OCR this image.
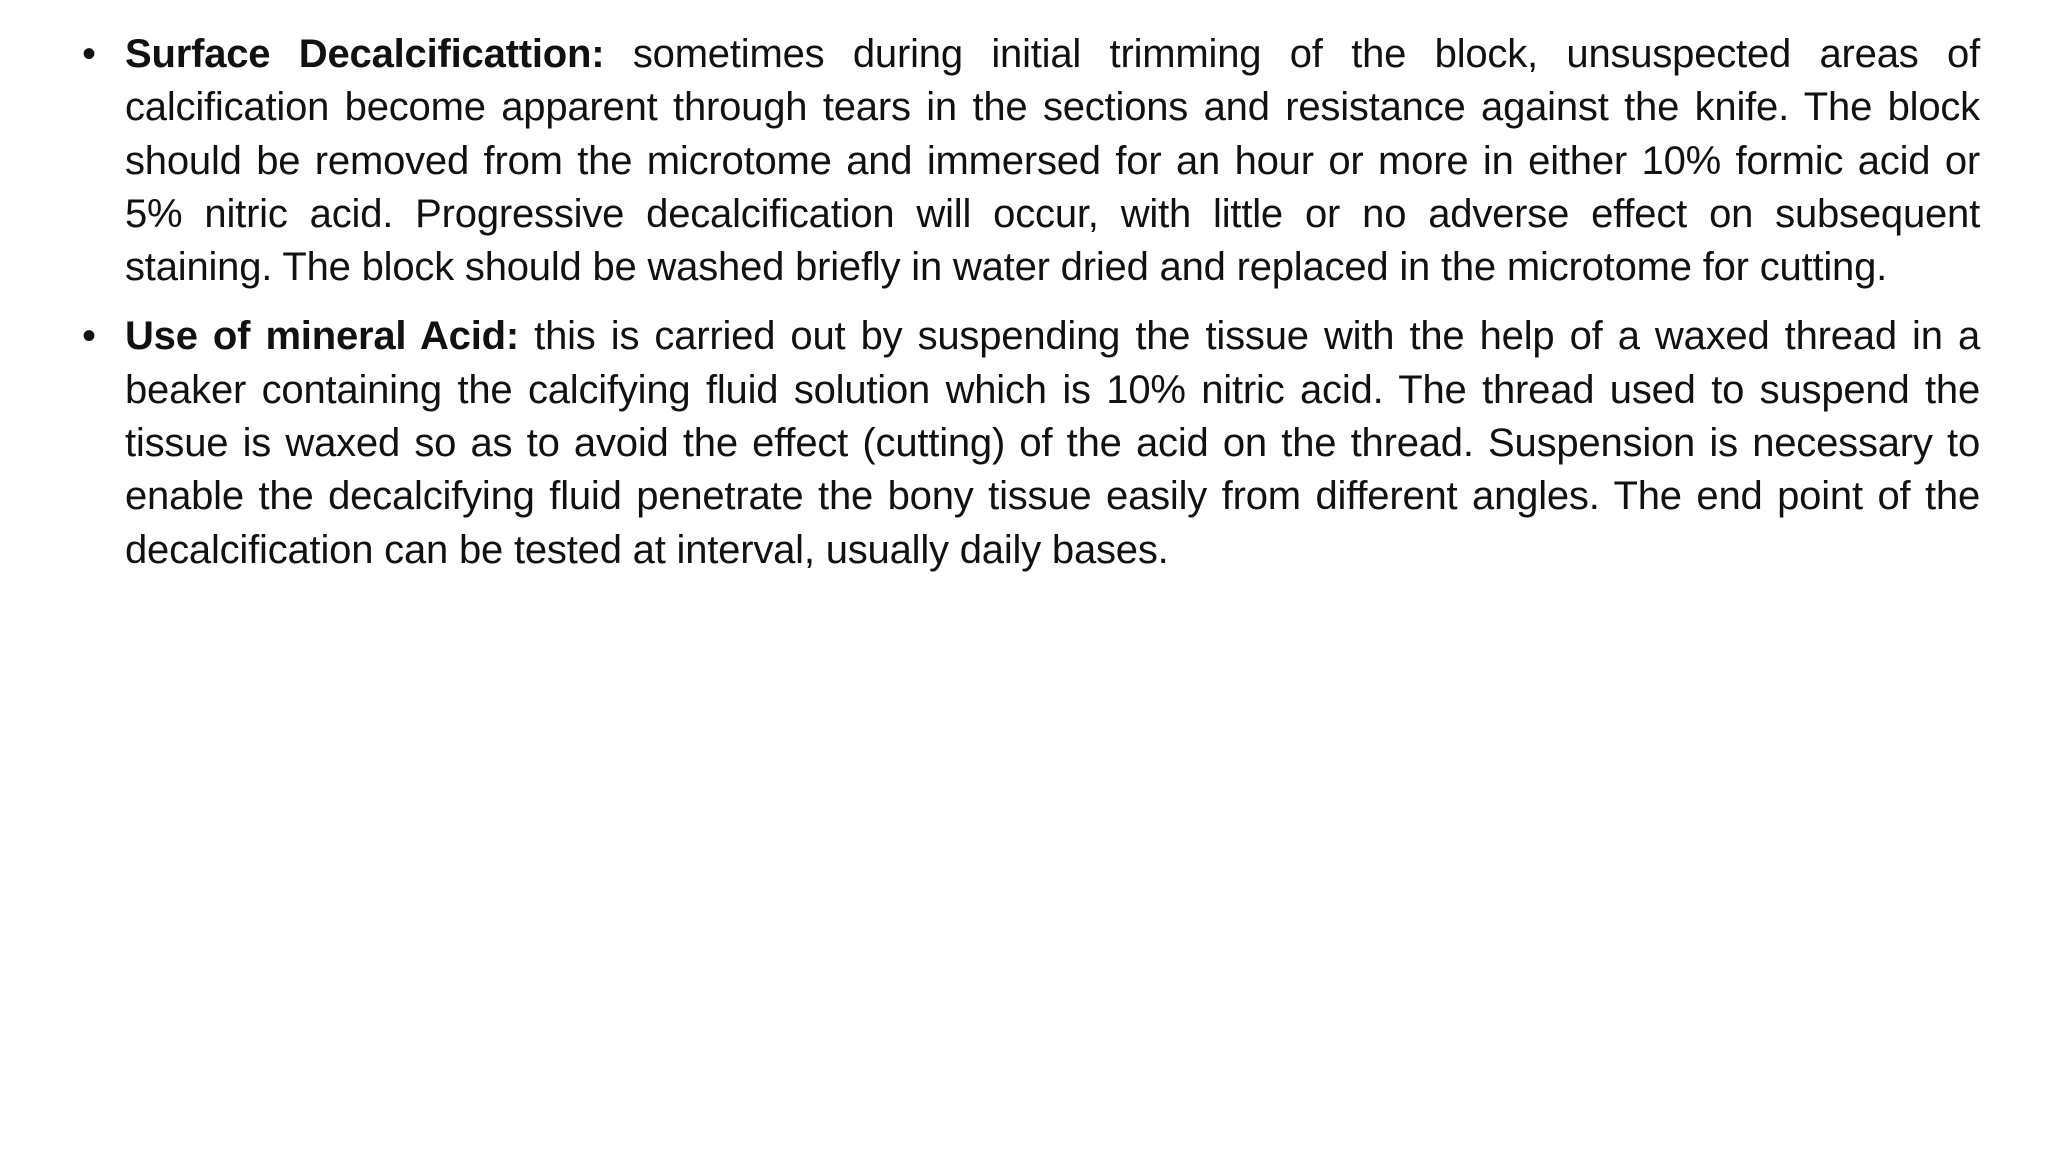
• Surface Decalcificattion: sometimes during initial trimming of the block, unsuspected areas of calcification become apparent through tears in the sections and resistance against the knife. The block should be removed from the microtome and immersed for an hour or more in either 10% formic acid or 5% nitric acid. Progressive decalcification will occur, with little or no adverse effect on subsequent staining. The block should be washed briefly in water dried and replaced in the microtome for cutting.
• Use of mineral Acid: this is carried out by suspending the tissue with the help of a waxed thread in a beaker containing the calcifying fluid solution which is 10% nitric acid. The thread used to suspend the tissue is waxed so as to avoid the effect (cutting) of the acid on the thread. Suspension is necessary to enable the decalcifying fluid penetrate the bony tissue easily from different angles. The end point of the decalcification can be tested at interval, usually daily bases.
